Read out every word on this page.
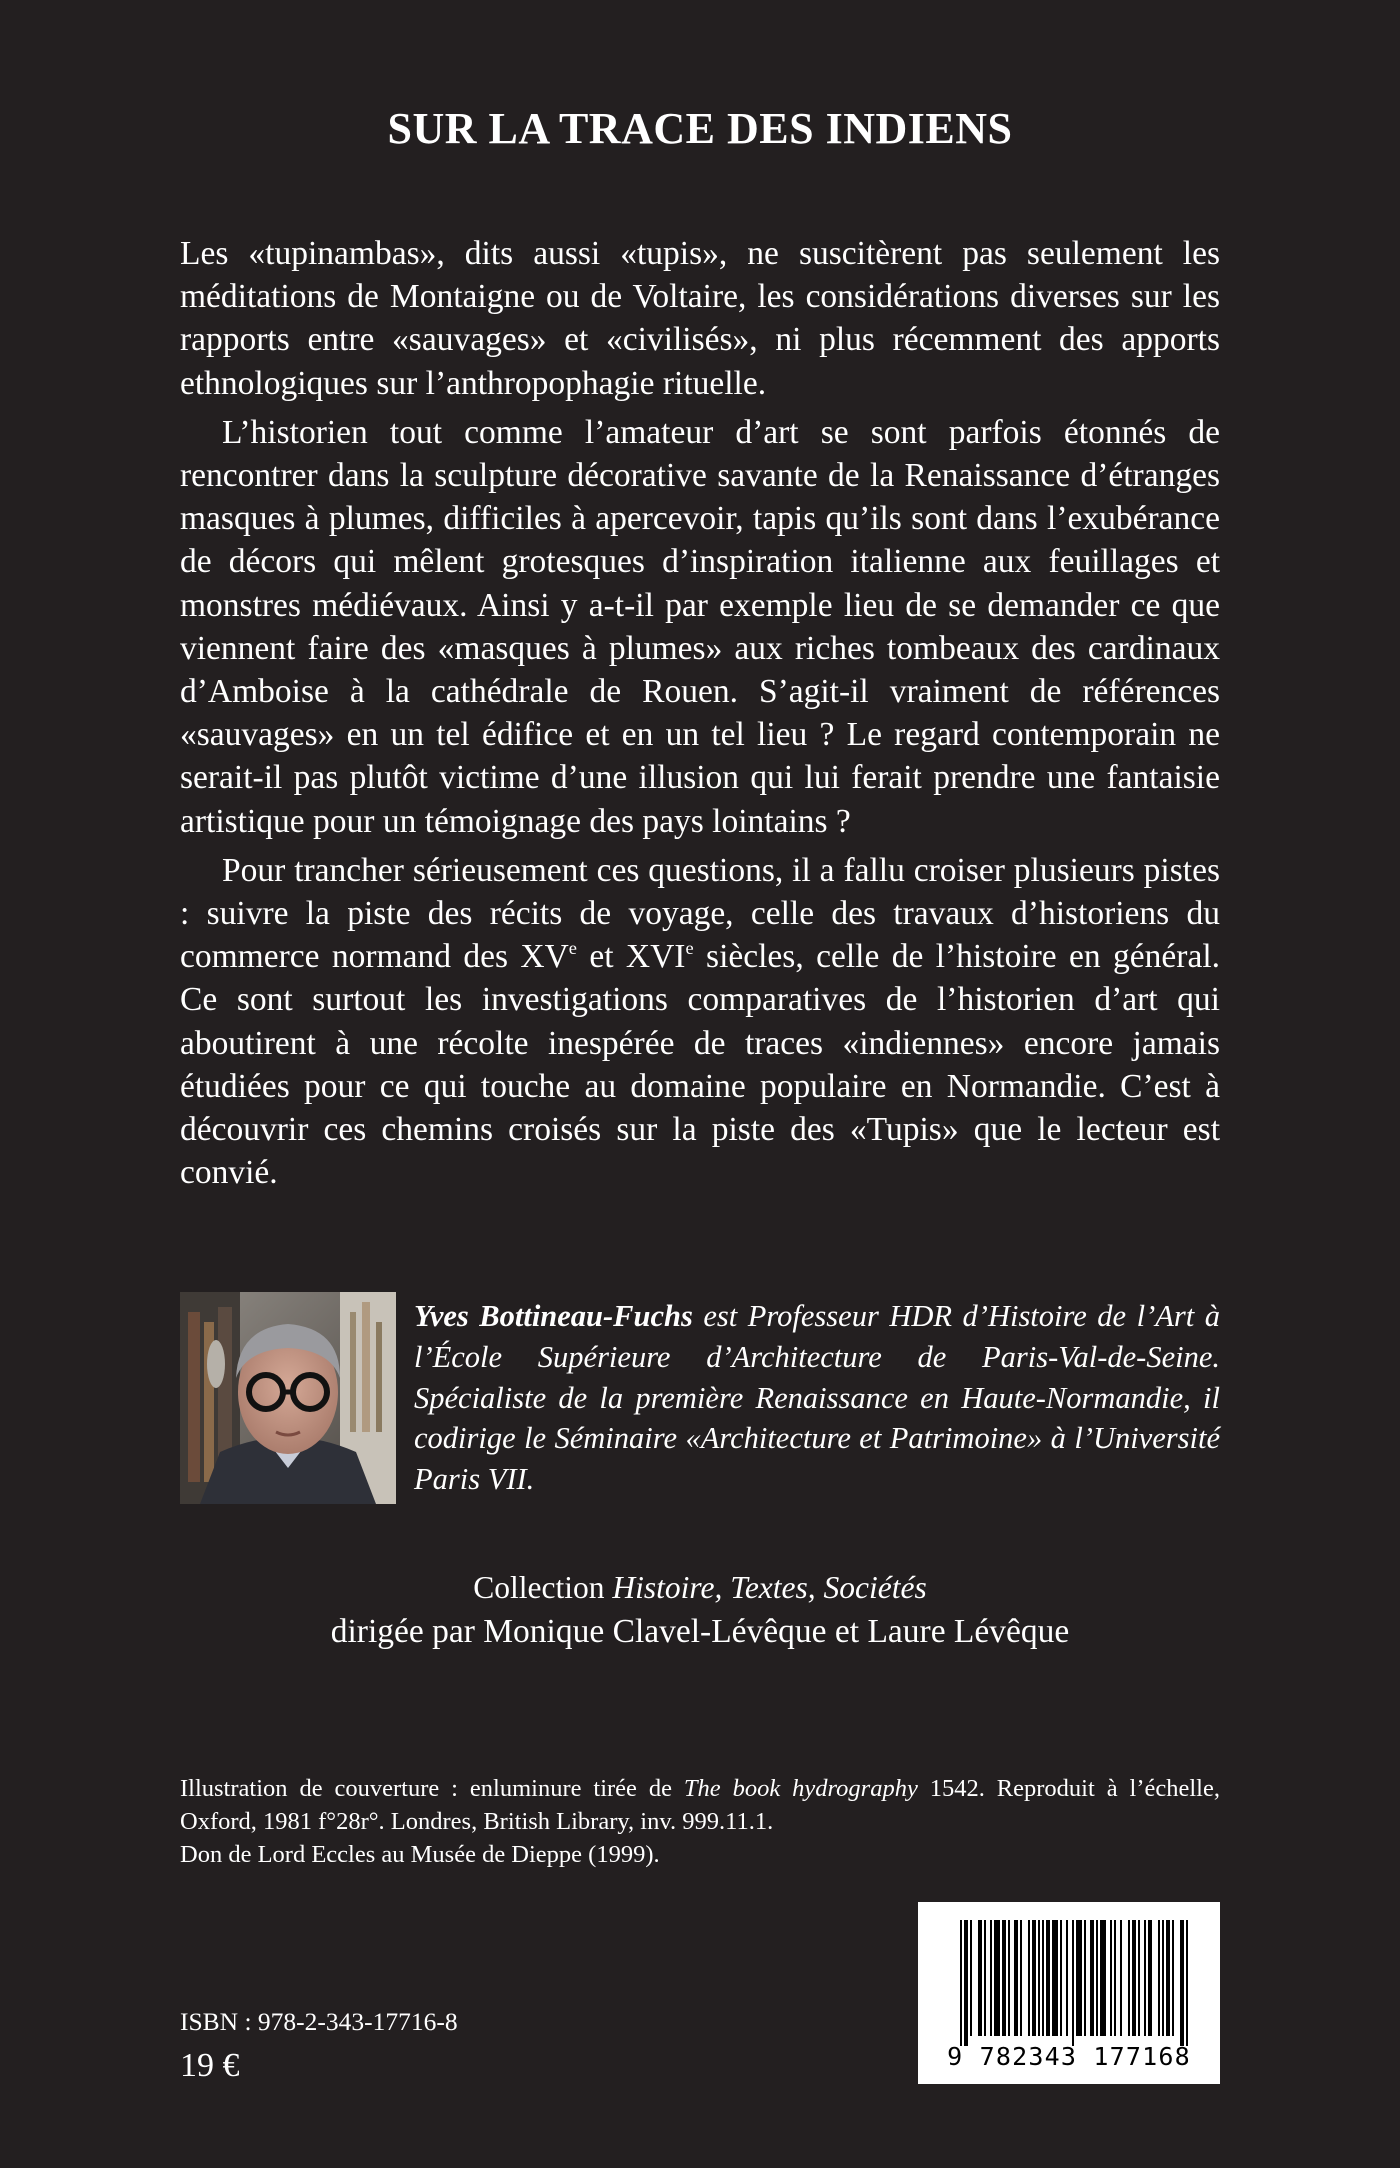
SUR LA TRACE DES INDIENS

Les «tupinambas», dits aussi «tupis», ne suscitèrent pas seulement les méditations de Montaigne ou de Voltaire, les considérations diverses sur les rapports entre «sauvages» et «civilisés», ni plus récemment des apports ethnologiques sur l’anthropophagie rituelle.

L’historien tout comme l’amateur d’art se sont parfois étonnés de rencontrer dans la sculpture décorative savante de la Renaissance d’étranges masques à plumes, difficiles à apercevoir, tapis qu’ils sont dans l’exubérance de décors qui mêlent grotesques d’inspiration italienne aux feuillages et monstres médiévaux. Ainsi y a-t-il par exemple lieu de se demander ce que viennent faire des «masques à plumes» aux riches tombeaux des cardinaux d’Amboise à la cathédrale de Rouen. S’agit-il vraiment de références «sauvages» en un tel édifice et en un tel lieu ? Le regard contemporain ne serait-il pas plutôt victime d’une illusion qui lui ferait prendre une fantaisie artistique pour un témoignage des pays lointains ?

Pour trancher sérieusement ces questions, il a fallu croiser plusieurs pistes : suivre la piste des récits de voyage, celle des travaux d’historiens du commerce normand des XVe et XVIe siècles, celle de l’histoire en général. Ce sont surtout les investigations comparatives de l’historien d’art qui aboutirent à une récolte inespérée de traces «indiennes» encore jamais étudiées pour ce qui touche au domaine populaire en Normandie. C’est à découvrir ces chemins croisés sur la piste des «Tupis» que le lecteur est convié.

Yves Bottineau-Fuchs est Professeur HDR d’Histoire de l’Art à l’École Supérieure d’Architecture de Paris-Val-de-Seine. Spécialiste de la première Renaissance en Haute-Normandie, il codirige le Séminaire «Architecture et Patrimoine» à l’Université Paris VII.
Collection Histoire, Textes, Sociétés
dirigée par Monique Clavel-Lévêque et Laure Lévêque
Illustration de couverture : enluminure tirée de The book hydrography 1542. Reproduit à l’échelle, Oxford, 1981 f°28r°. Londres, British Library, inv. 999.11.1.
Don de Lord Eccles au Musée de Dieppe (1999).
ISBN : 978-2-343-17716-8
19 €	9 782343 177168
